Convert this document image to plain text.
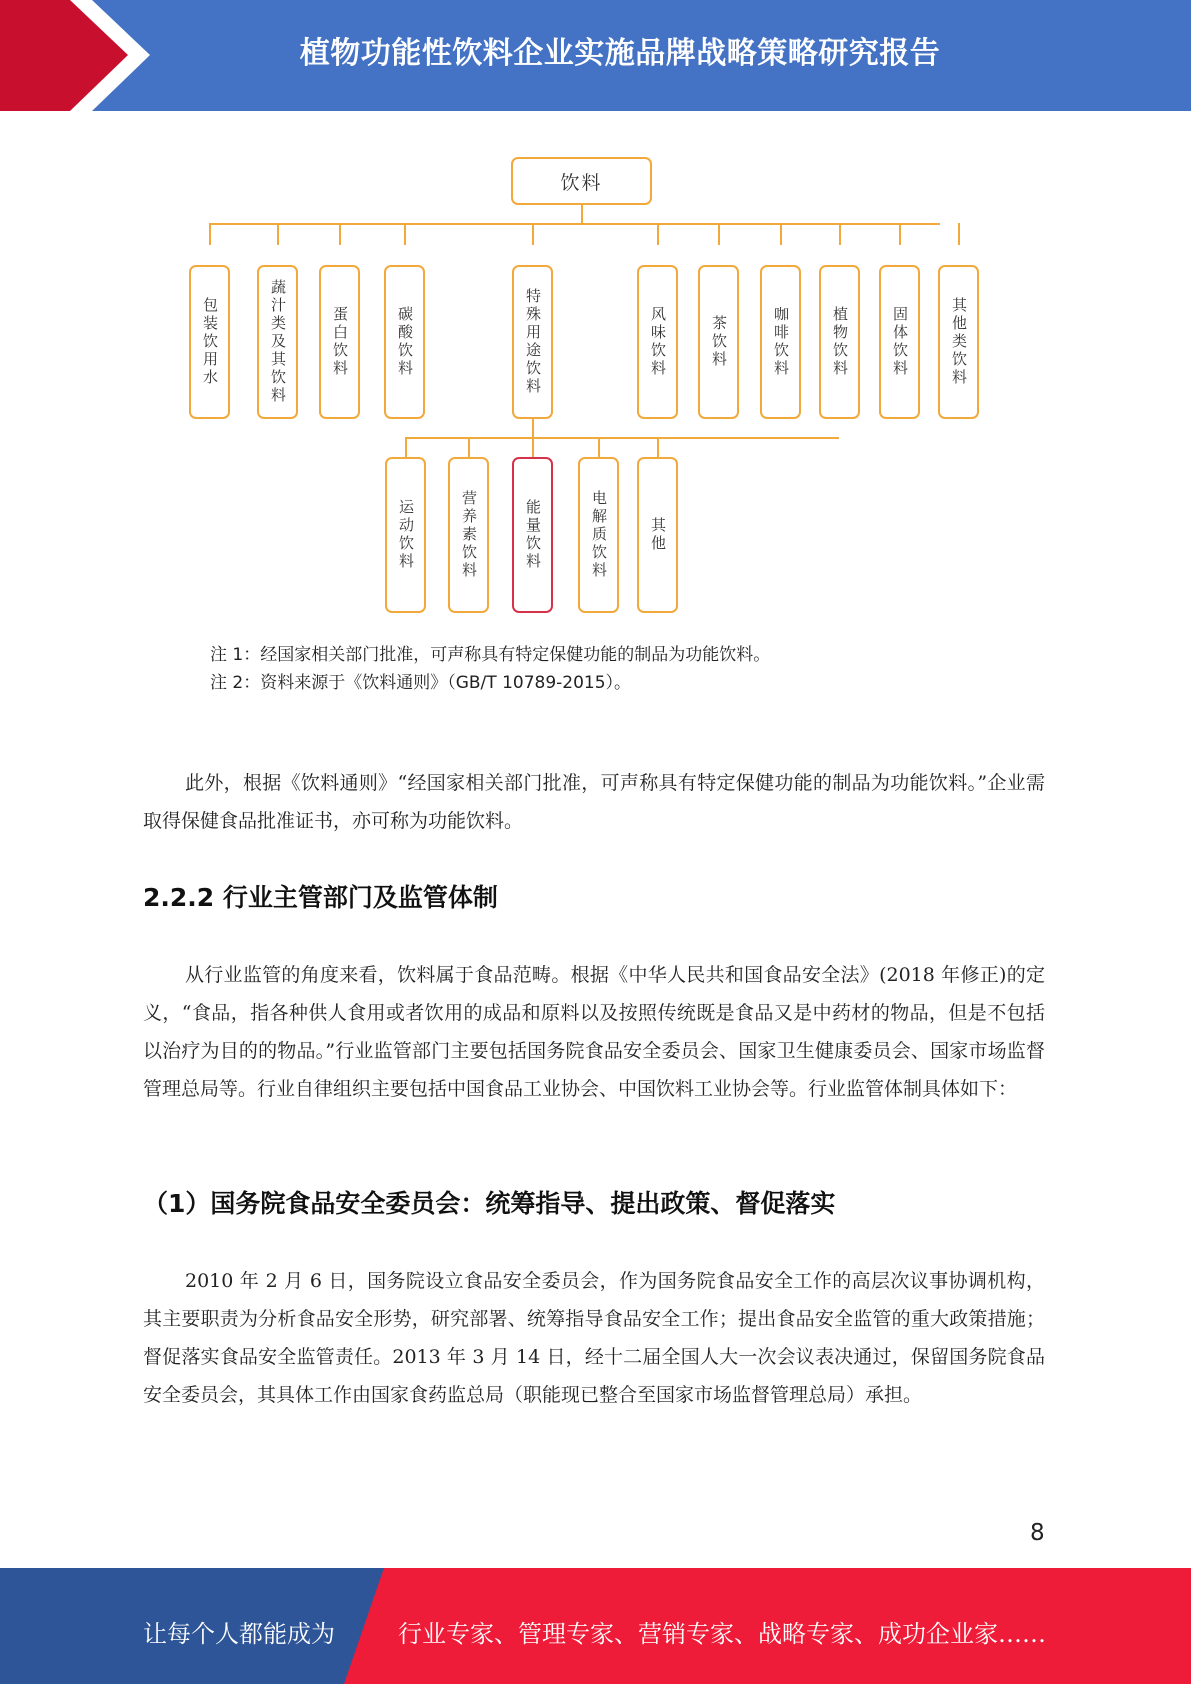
植物功能性饮料企业实施品牌战略策略研究报告
饮料
包装饮用水	蔬汁类及其饮料	蛋白饮料	碳酸饮料	特殊用途饮料	风味饮料	茶饮料	咖啡饮料	植物饮料	固体饮料	其他类饮料
运动饮料	营养素饮料	能量饮料	电解质饮料	其他
注 1：经国家相关部门批准，可声称具有特定保健功能的制品为功能饮料。
注 2：资料来源于《饮料通则》（GB/T 10789-2015）。

此外，根据《饮料通则》“经国家相关部门批准，可声称具有特定保健功能的制品为功能饮料。”企业需取得保健食品批准证书，亦可称为功能饮料。

2.2.2 行业主管部门及监管体制

从行业监管的角度来看，饮料属于食品范畴。根据《中华人民共和国食品安全法》(2018 年修正)的定义，“食品，指各种供人食用或者饮用的成品和原料以及按照传统既是食品又是中药材的物品，但是不包括以治疗为目的的物品。”行业监管部门主要包括国务院食品安全委员会、国家卫生健康委员会、国家市场监督管理总局等。行业自律组织主要包括中国食品工业协会、中国饮料工业协会等。行业监管体制具体如下：

（1）国务院食品安全委员会：统筹指导、提出政策、督促落实

2010 年 2 月 6 日，国务院设立食品安全委员会，作为国务院食品安全工作的高层次议事协调机构，其主要职责为分析食品安全形势，研究部署、统筹指导食品安全工作；提出食品安全监管的重大政策措施；督促落实食品安全监管责任。2013 年 3 月 14 日，经十二届全国人大一次会议表决通过，保留国务院食品安全委员会，其具体工作由国家食药监总局（职能现已整合至国家市场监督管理总局）承担。

8
让每个人都能成为	行业专家、管理专家、营销专家、战略专家、成功企业家……
